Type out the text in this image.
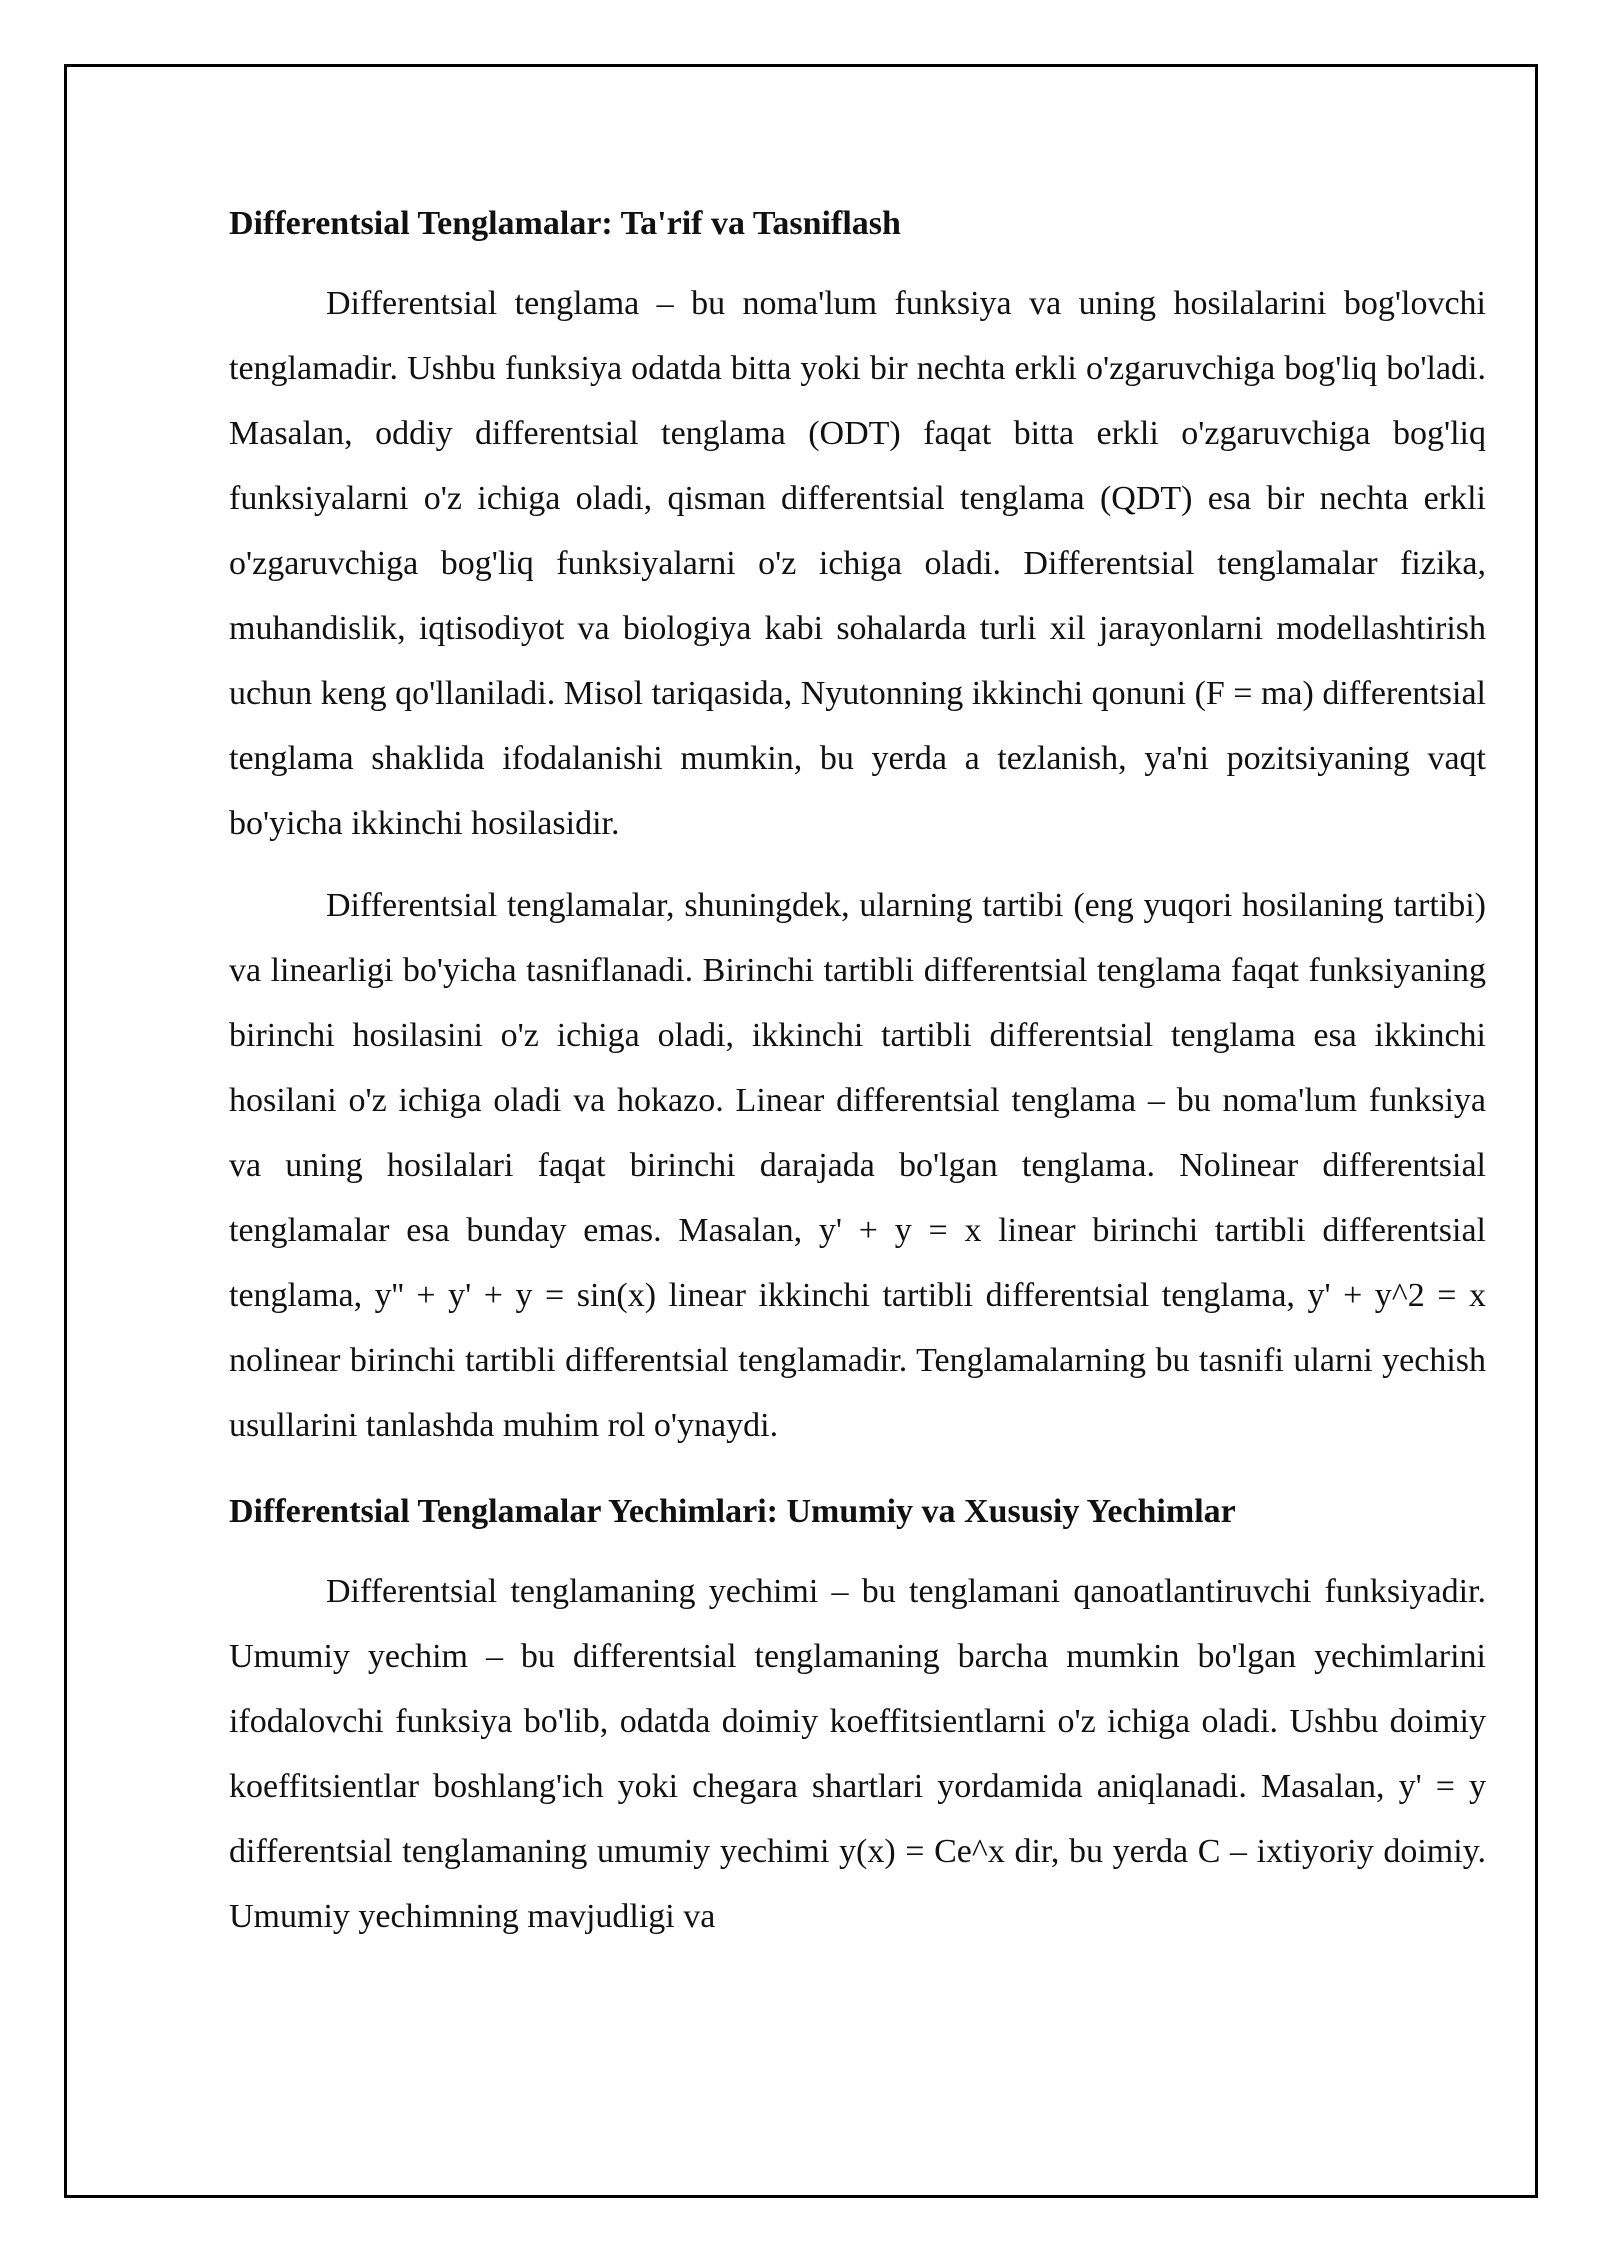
Differentsial Tenglamalar: Ta'rif va Tasniflash

Differentsial tenglama – bu noma'lum funksiya va uning hosilalarini bog'lovchi tenglamadir. Ushbu funksiya odatda bitta yoki bir nechta erkli o'zgaruvchiga bog'liq bo'ladi. Masalan, oddiy differentsial tenglama (ODT) faqat bitta erkli o'zgaruvchiga bog'liq funksiyalarni o'z ichiga oladi, qisman differentsial tenglama (QDT) esa bir nechta erkli o'zgaruvchiga bog'liq funksiyalarni o'z ichiga oladi. Differentsial tenglamalar fizika, muhandislik, iqtisodiyot va biologiya kabi sohalarda turli xil jarayonlarni modellashtirish uchun keng qo'llaniladi. Misol tariqasida, Nyutonning ikkinchi qonuni (F = ma) differentsial tenglama shaklida ifodalanishi mumkin, bu yerda a tezlanish, ya'ni pozitsiyaning vaqt bo'yicha ikkinchi hosilasidir.

Differentsial tenglamalar, shuningdek, ularning tartibi (eng yuqori hosilaning tartibi) va linearligi bo'yicha tasniflanadi. Birinchi tartibli differentsial tenglama faqat funksiyaning birinchi hosilasini o'z ichiga oladi, ikkinchi tartibli differentsial tenglama esa ikkinchi hosilani o'z ichiga oladi va hokazo. Linear differentsial tenglama – bu noma'lum funksiya va uning hosilalari faqat birinchi darajada bo'lgan tenglama. Nolinear differentsial tenglamalar esa bunday emas. Masalan, y' + y = x linear birinchi tartibli differentsial tenglama, y'' + y' + y = sin(x) linear ikkinchi tartibli differentsial tenglama, y' + y^2 = x nolinear birinchi tartibli differentsial tenglamadir. Tenglamalarning bu tasnifi ularni yechish usullarini tanlashda muhim rol o'ynaydi.

Differentsial Tenglamalar Yechimlari: Umumiy va Xususiy Yechimlar

Differentsial tenglamaning yechimi – bu tenglamani qanoatlantiruvchi funksiyadir. Umumiy yechim – bu differentsial tenglamaning barcha mumkin bo'lgan yechimlarini ifodalovchi funksiya bo'lib, odatda doimiy koeffitsientlarni o'z ichiga oladi. Ushbu doimiy koeffitsientlar boshlang'ich yoki chegara shartlari yordamida aniqlanadi. Masalan, y' = y differentsial tenglamaning umumiy yechimi y(x) = Ce^x dir, bu yerda C – ixtiyoriy doimiy. Umumiy yechimning mavjudligi va
